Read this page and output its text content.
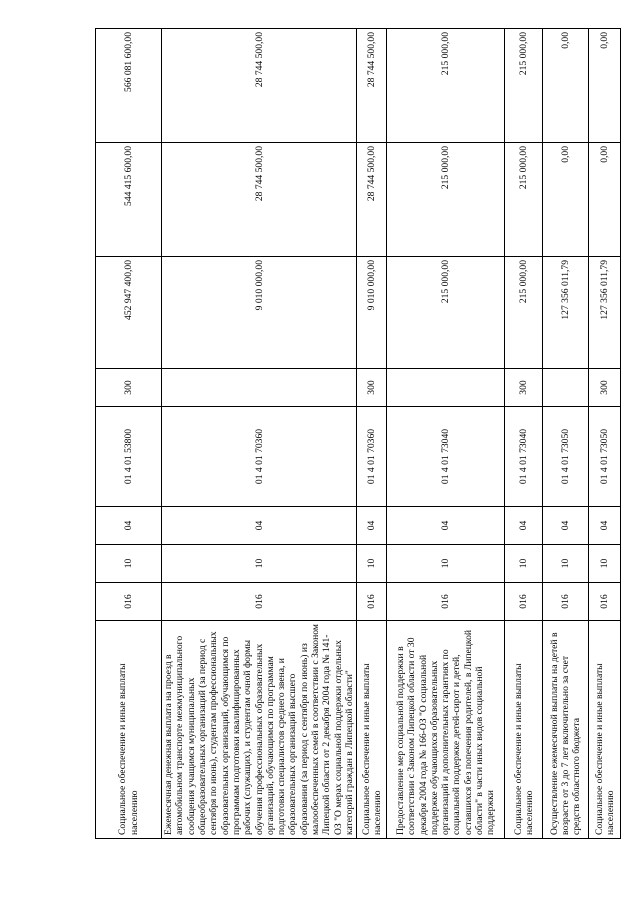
Социальное обеспечение и иные выплаты населению	016	10	04	01 4 01 53800	300	452 947 400,00	544 415 600,00	566 081 600,00
Ежемесячная денежная выплата на проезд в автомобильном транспорте межмуниципального сообщения учащимся муниципальных общеобразовательных организаций (за период с сентября по июнь), студентам профессиональных образовательных организаций, обучающимся по программам подготовки квалифицированных рабочих (служащих), и студентам очной формы обучения профессиональных образовательных организаций, обучающимся по программам подготовки специалистов среднего звена, и образовательных организаций высшего образования (за период с сентября по июнь) из малообеспеченных семей в соответствии с Законом Липецкой области от 2 декабря 2004 года № 141-ОЗ "О мерах социальной поддержки отдельных категорий граждан в Липецкой области"	016	10	04	01 4 01 70360		9 010 000,00	28 744 500,00	28 744 500,00
Социальное обеспечение и иные выплаты населению	016	10	04	01 4 01 70360	300	9 010 000,00	28 744 500,00	28 744 500,00
Предоставление мер социальной поддержки в соответствии с Законом Липецкой области от 30 декабря 2004 года № 166-ОЗ "О социальной поддержке обучающихся образовательных организаций и дополнительных гарантиях по социальной поддержке детей-сирот и детей, оставшихся без попечения родителей, в Липецкой области" в части иных видов социальной поддержки	016	10	04	01 4 01 73040		215 000,00	215 000,00	215 000,00
Социальное обеспечение и иные выплаты населению	016	10	04	01 4 01 73040	300	215 000,00	215 000,00	215 000,00
Осуществление ежемесячной выплаты на детей в возрасте от 3 до 7 лет включительно за счет средств областного бюджета	016	10	04	01 4 01 73050		127 356 011,79	0,00	0,00
Социальное обеспечение и иные выплаты населению	016	10	04	01 4 01 73050	300	127 356 011,79	0,00	0,00
